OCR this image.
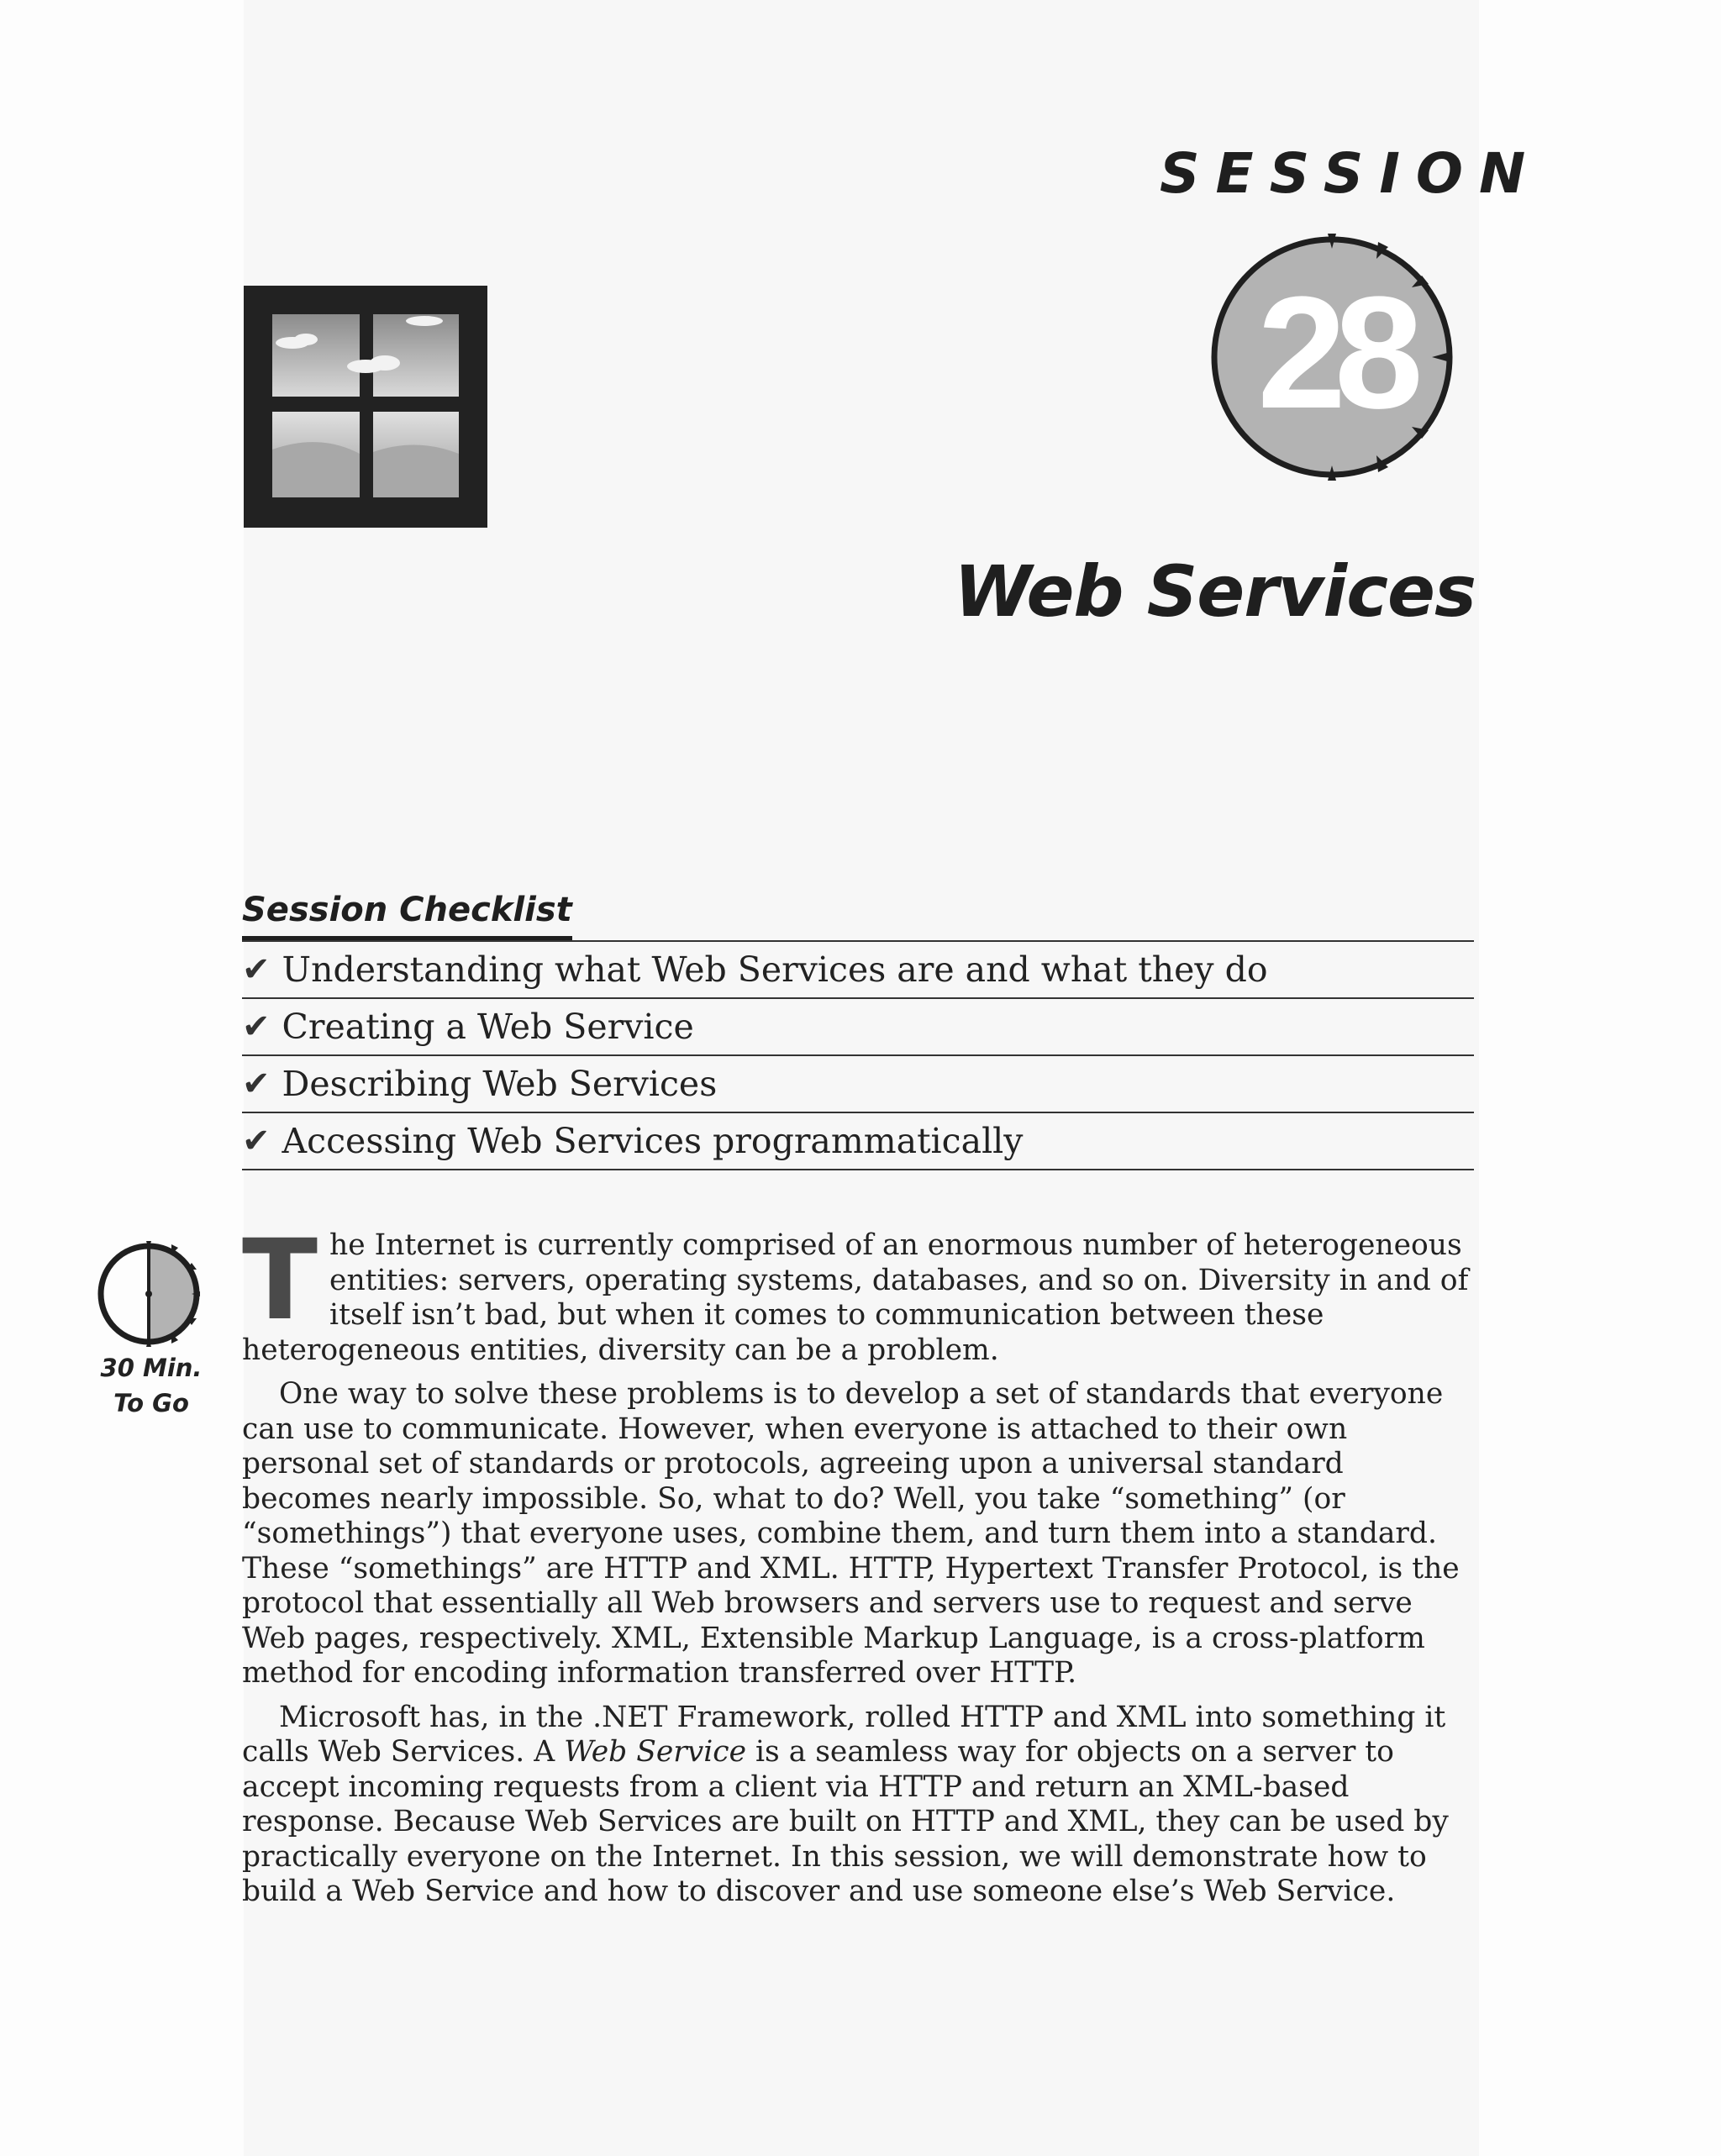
SESSION
28
Web Services
Session Checklist
✔ Understanding what Web Services are and what they do
✔ Creating a Web Service
✔ Describing Web Services
✔ Accessing Web Services programmatically
30 Min.
To Go

The Internet is currently comprised of an enormous number of heterogeneous entities: servers, operating systems, databases, and so on. Diversity in and of itself isn’t bad, but when it comes to communication between these heterogeneous entities, diversity can be a problem.

One way to solve these problems is to develop a set of standards that everyone can use to communicate. However, when everyone is attached to their own personal set of standards or protocols, agreeing upon a universal standard becomes nearly impossible. So, what to do? Well, you take “something” (or “somethings”) that everyone uses, combine them, and turn them into a standard. These “somethings” are HTTP and XML. HTTP, Hypertext Transfer Protocol, is the protocol that essentially all Web browsers and servers use to request and serve Web pages, respectively. XML, Extensible Markup Language, is a cross-platform method for encoding information transferred over HTTP.

Microsoft has, in the .NET Framework, rolled HTTP and XML into something it calls Web Services. A Web Service is a seamless way for objects on a server to accept incoming requests from a client via HTTP and return an XML-based response. Because Web Services are built on HTTP and XML, they can be used by practically everyone on the Internet. In this session, we will demonstrate how to build a Web Service and how to discover and use someone else’s Web Service.
